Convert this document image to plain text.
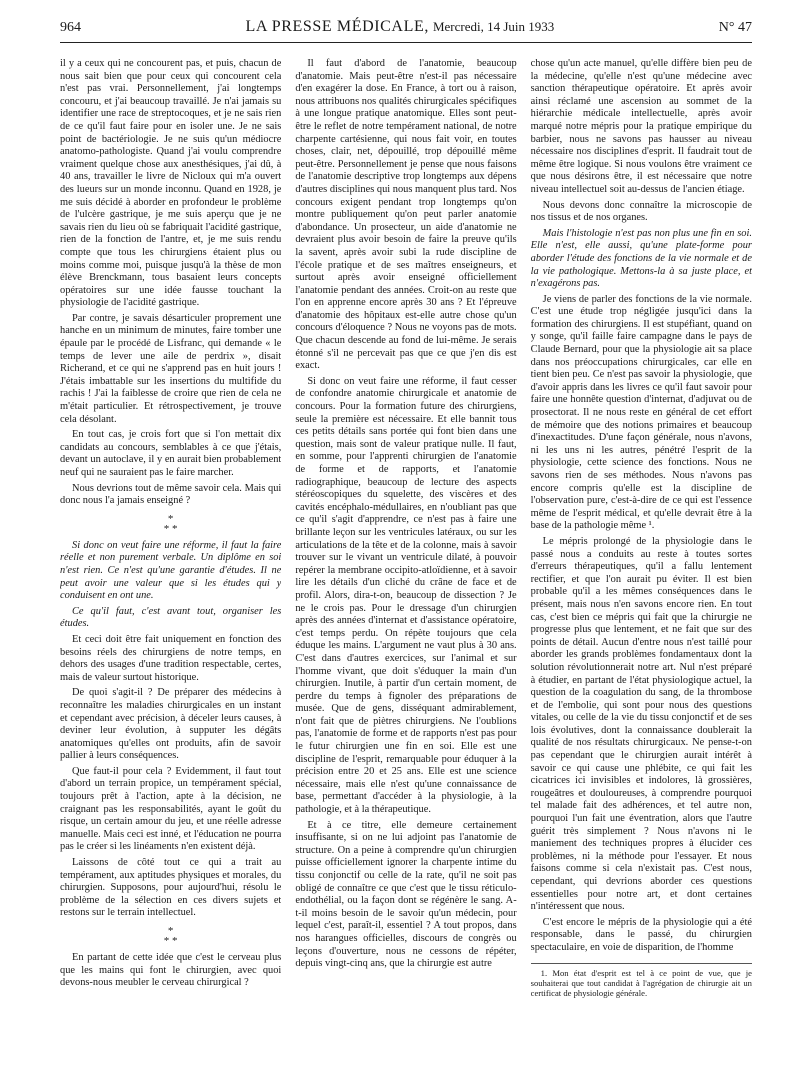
964	LA PRESSE MÉDICALE, Mercredi, 14 Juin 1933	N° 47

il y a ceux qui ne concourent pas, et puis, chacun de nous sait bien que pour ceux qui concourent cela n'est pas vrai. Personnellement, j'ai longtemps concouru, et j'ai beaucoup travaillé. Je n'ai jamais su identifier une race de streptocoques, et je ne sais rien de ce qu'il faut faire pour en isoler une. Je ne sais point de bactériologie. Je ne suis qu'un médiocre anatomo-pathologiste. Quand j'ai voulu comprendre vraiment quelque chose aux anesthésiques, j'ai dû, à 40 ans, travailler le livre de Nicloux qui m'a ouvert des lueurs sur un monde inconnu. Quand en 1928, je me suis décidé à aborder en profondeur le problème de l'ulcère gastrique, je me suis aperçu que je ne savais rien du lieu où se fabriquait l'acidité gastrique, rien de la fonction de l'antre, et, je me suis rendu compte que tous les chirurgiens étaient plus ou moins comme moi, puisque jusqu'à la thèse de mon élève Brenckmann, tous basaient leurs concepts opératoires sur une idée fausse touchant la physiologie de l'acidité gastrique.

Par contre, je savais désarticuler proprement une hanche en un minimum de minutes, faire tomber une épaule par le procédé de Lisfranc, qui demande « le temps de lever une aile de perdrix », disait Richerand, et ce qui ne s'apprend pas en huit jours ! J'étais imbattable sur les insertions du multifide du rachis ! J'ai la faiblesse de croire que rien de cela ne m'était particulier. Et rétrospectivement, je trouve cela désolant.

En tout cas, je crois fort que si l'on mettait dix candidats au concours, semblables à ce que j'étais, devant un autoclave, il y en aurait bien probablement neuf qui ne sauraient pas le faire marcher.

Nous devrions tout de même savoir cela. Mais qui donc nous l'a jamais enseigné ?

*
* *

Si donc on veut faire une réforme, il faut la faire réelle et non purement verbale. Un diplôme en soi n'est rien. Ce n'est qu'une garantie d'études. Il ne peut avoir une valeur que si les études qui y conduisent en ont une.

Ce qu'il faut, c'est avant tout, organiser les études.

Et ceci doit être fait uniquement en fonction des besoins réels des chirurgiens de notre temps, en dehors des usages d'une tradition respectable, certes, mais de valeur surtout historique.

De quoi s'agit-il ? De préparer des médecins à reconnaître les maladies chirurgicales en un instant et cependant avec précision, à déceler leurs causes, à deviner leur évolution, à supputer les dégâts anatomiques qu'elles ont produits, afin de savoir pallier à leurs conséquences.

Que faut-il pour cela ? Evidemment, il faut tout d'abord un terrain propice, un tempérament spécial, toujours prêt à l'action, apte à la décision, ne craignant pas les responsabilités, ayant le goût du risque, un certain amour du jeu, et une réelle adresse manuelle. Mais ceci est inné, et l'éducation ne pourra pas le créer si les linéaments n'en existent déjà.

Laissons de côté tout ce qui a trait au tempérament, aux aptitudes physiques et morales, du chirurgien. Supposons, pour aujourd'hui, résolu le problème de la sélection en ces divers sujets et restons sur le terrain intellectuel.

*
* *

En partant de cette idée que c'est le cerveau plus que les mains qui font le chirurgien, avec quoi devons-nous meubler le cerveau chirurgical ?

Il faut d'abord de l'anatomie, beaucoup d'anatomie. Mais peut-être n'est-il pas nécessaire d'en exagérer la dose. En France, à tort ou à raison, nous attribuons nos qualités chirurgicales spécifiques à une longue pratique anatomique. Elles sont peut-être le reflet de notre tempérament national, de notre charpente cartésienne, qui nous fait voir, en toutes choses, clair, net, dépouillé, trop dépouillé même peut-être. Personnellement je pense que nous faisons de l'anatomie descriptive trop longtemps aux dépens d'autres disciplines qui nous manquent plus tard. Nos concours exigent pendant trop longtemps qu'on montre publiquement qu'on peut parler anatomie d'abondance. Un prosecteur, un aide d'anatomie ne devraient plus avoir besoin de faire la preuve qu'ils la savent, après avoir subi la rude discipline de l'école pratique et de ses maîtres enseigneurs, et surtout après avoir enseigné officiellement l'anatomie pendant des années. Croit-on au reste que l'on en apprenne encore après 30 ans ? Et l'épreuve d'anatomie des hôpitaux est-elle autre chose qu'un concours d'éloquence ? Nous ne voyons pas de mots. Que chacun descende au fond de lui-même. Je serais étonné s'il ne percevait pas que ce que j'en dis est exact.

Si donc on veut faire une réforme, il faut cesser de confondre anatomie chirurgicale et anatomie de concours. Pour la formation future des chirurgiens, seule la première est nécessaire. Et elle bannit tous ces petits détails sans portée qui font bien dans une question, mais sont de valeur pratique nulle. Il faut, en somme, pour l'apprenti chirurgien de l'anatomie de forme et de rapports, et l'anatomie radiographique, beaucoup de lecture des aspects stéréoscopiques du squelette, des viscères et des cavités encéphalo-médullaires, en n'oubliant pas que ce qu'il s'agit d'apprendre, ce n'est pas à faire une brillante leçon sur les ventricules latéraux, ou sur les articulations de la tête et de la colonne, mais à savoir trouver sur le vivant un ventricule dilaté, à pouvoir repérer la membrane occipito-atloïdienne, et à savoir lire les détails d'un cliché du crâne de face et de profil. Alors, dira-t-on, beaucoup de dissection ? Je ne le crois pas. Pour le dressage d'un chirurgien après des années d'internat et d'assistance opératoire, c'est temps perdu. On répète toujours que cela éduque les mains. L'argument ne vaut plus à 30 ans. C'est dans d'autres exercices, sur l'animal et sur l'homme vivant, que doit s'éduquer la main d'un chirurgien. Inutile, à partir d'un certain moment, de perdre du temps à fignoler des préparations de musée. Que de gens, disséquant admirablement, n'ont fait que de piètres chirurgiens. Ne l'oublions pas, l'anatomie de forme et de rapports n'est pas pour le futur chirurgien une fin en soi. Elle est une discipline de l'esprit, remarquable pour éduquer à la précision entre 20 et 25 ans. Elle est une science nécessaire, mais elle n'est qu'une connaissance de base, permettant d'accéder à la physiologie, à la pathologie, et à la thérapeutique.

Et à ce titre, elle demeure certainement insuffisante, si on ne lui adjoint pas l'anatomie de structure. On a peine à comprendre qu'un chirurgien puisse officiellement ignorer la charpente intime du tissu conjonctif ou celle de la rate, qu'il ne soit pas obligé de connaître ce que c'est que le tissu réticulo-endothélial, ou la façon dont se régénère le sang. A-t-il moins besoin de le savoir qu'un médecin, pour lequel c'est, paraît-il, essentiel ? A tout propos, dans nos harangues officielles, discours de congrès ou leçons d'ouverture, nous ne cessons de répéter, depuis vingt-cinq ans, que la chirurgie est autre

chose qu'un acte manuel, qu'elle diffère bien peu de la médecine, qu'elle n'est qu'une médecine avec sanction thérapeutique opératoire. Et après avoir ainsi réclamé une ascension au sommet de la hiérarchie médicale intellectuelle, après avoir marqué notre mépris pour la pratique empirique du barbier, nous ne savons pas hausser au niveau nécessaire nos disciplines d'esprit. Il faudrait tout de même être logique. Si nous voulons être vraiment ce que nous désirons être, il est nécessaire que notre niveau intellectuel soit au-dessus de l'ancien étiage.

Nous devons donc connaître la microscopie de nos tissus et de nos organes.

Mais l'histologie n'est pas non plus une fin en soi. Elle n'est, elle aussi, qu'une plate-forme pour aborder l'étude des fonctions de la vie normale et de la vie pathologique. Mettons-la à sa juste place, et n'exagérons pas.

Je viens de parler des fonctions de la vie normale. C'est une étude trop négligée jusqu'ici dans la formation des chirurgiens. Il est stupéfiant, quand on y songe, qu'il faille faire campagne dans le pays de Claude Bernard, pour que la physiologie ait sa place dans nos préoccupations chirurgicales, car elle en tient bien peu. Ce n'est pas savoir la physiologie, que d'avoir appris dans les livres ce qu'il faut savoir pour faire une honnête question d'internat, d'adjuvat ou de prosectorat. Il ne nous reste en général de cet effort de mémoire que des notions primaires et beaucoup d'inexactitudes. D'une façon générale, nous n'avons, ni les uns ni les autres, pénétré l'esprit de la physiologie, cette science des fonctions. Nous ne savons rien de ses méthodes. Nous n'avons pas encore compris qu'elle est la discipline de l'observation pure, c'est-à-dire de ce qui est l'essence même de l'esprit médical, et qu'elle devrait être à la base de la pathologie même ¹.

Le mépris prolongé de la physiologie dans le passé nous a conduits au reste à toutes sortes d'erreurs thérapeutiques, qu'il a fallu lentement rectifier, et que l'on aurait pu éviter. Il est bien probable qu'il a les mêmes conséquences dans le présent, mais nous n'en savons encore rien. En tout cas, c'est bien ce mépris qui fait que la chirurgie ne progresse plus que lentement, et ne fait que sur des points de détail. Aucun d'entre nous n'est taillé pour aborder les grands problèmes fondamentaux dont la solution révolutionnerait notre art. Nul n'est préparé à étudier, en partant de l'état physiologique actuel, la question de la coagulation du sang, de la thrombose et de l'embolie, qui sont pour nous des questions vitales, ou celle de la vie du tissu conjonctif et de ses lois évolutives, dont la connaissance doublerait la qualité de nos résultats chirurgicaux. Ne pense-t-on pas cependant que le chirurgien aurait intérêt à savoir ce qui cause une phlébite, ce qui fait les cicatrices ici invisibles et indolores, là grossières, rougeâtres et douloureuses, à comprendre pourquoi tel malade fait des adhérences, et tel autre non, pourquoi l'un fait une éventration, alors que l'autre guérit très simplement ? Nous n'avons ni le maniement des techniques propres à élucider ces problèmes, ni la méthode pour l'essayer. Et nous faisons comme si cela n'existait pas. C'est nous, cependant, qui devrions aborder ces questions essentielles pour notre art, et dont certaines n'intéressent que nous.

C'est encore le mépris de la physiologie qui a été responsable, dans le passé, du chirurgien spectaculaire, en voie de disparition, de l'homme

1. Mon état d'esprit est tel à ce point de vue, que je souhaiterai que tout candidat à l'agrégation de chirurgie ait un certificat de physiologie générale.
